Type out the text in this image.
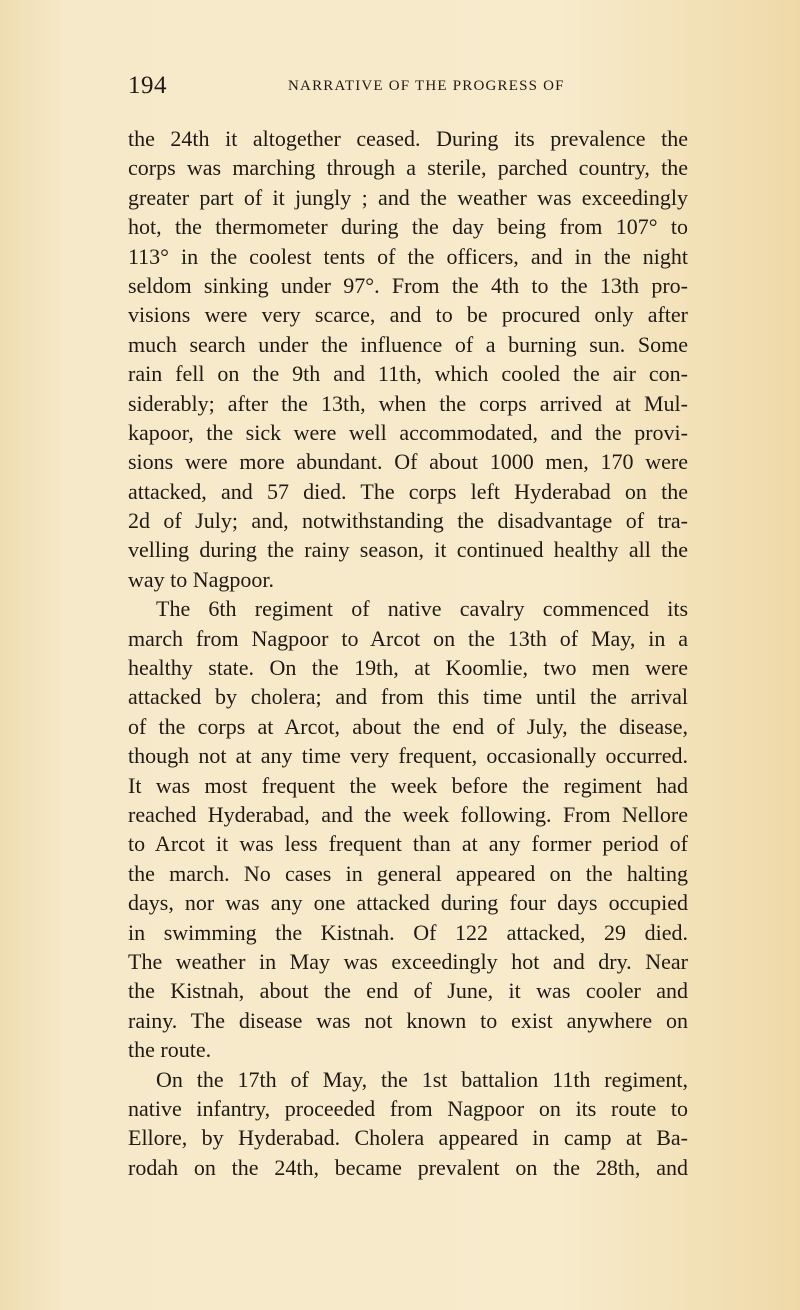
194	NARRATIVE OF THE PROGRESS OF
the 24th it altogether ceased. During its prevalence the
corps was marching through a sterile, parched country, the
greater part of it jungly ; and the weather was exceedingly
hot, the thermometer during the day being from 107° to
113° in the coolest tents of the officers, and in the night
seldom sinking under 97°. From the 4th to the 13th pro-
visions were very scarce, and to be procured only after
much search under the influence of a burning sun. Some
rain fell on the 9th and 11th, which cooled the air con-
siderably; after the 13th, when the corps arrived at Mul-
kapoor, the sick were well accommodated, and the provi-
sions were more abundant. Of about 1000 men, 170 were
attacked, and 57 died. The corps left Hyderabad on the
2d of July; and, notwithstanding the disadvantage of tra-
velling during the rainy season, it continued healthy all the
way to Nagpoor.
The 6th regiment of native cavalry commenced its
march from Nagpoor to Arcot on the 13th of May, in a
healthy state. On the 19th, at Koomlie, two men were
attacked by cholera; and from this time until the arrival
of the corps at Arcot, about the end of July, the disease,
though not at any time very frequent, occasionally occurred.
It was most frequent the week before the regiment had
reached Hyderabad, and the week following. From Nellore
to Arcot it was less frequent than at any former period of
the march. No cases in general appeared on the halting
days, nor was any one attacked during four days occupied
in swimming the Kistnah. Of 122 attacked, 29 died.
The weather in May was exceedingly hot and dry. Near
the Kistnah, about the end of June, it was cooler and
rainy. The disease was not known to exist anywhere on
the route.
On the 17th of May, the 1st battalion 11th regiment,
native infantry, proceeded from Nagpoor on its route to
Ellore, by Hyderabad. Cholera appeared in camp at Ba-
rodah on the 24th, became prevalent on the 28th, and
